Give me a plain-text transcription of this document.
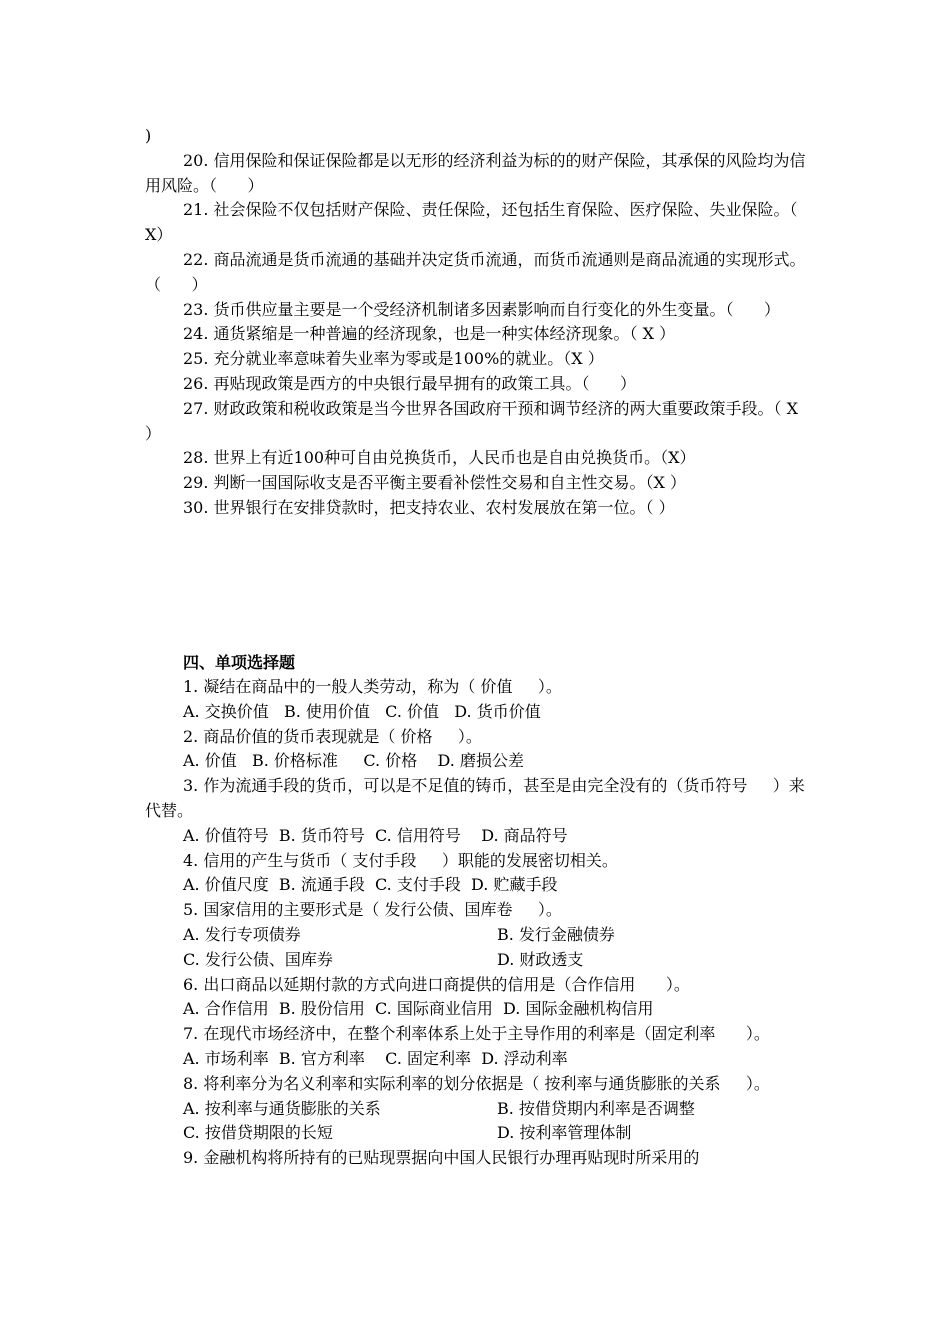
)

20. 信用保险和保证保险都是以无形的经济利益为标的的财产保险，其承保的风险均为信用风险。（      ）

21. 社会保险不仅包括财产保险、责任保险，还包括生育保险、医疗保险、失业保险。（ X）

22. 商品流通是货币流通的基础并决定货币流通，而货币流通则是商品流通的实现形式。（      ）

23. 货币供应量主要是一个受经济机制诸多因素影响而自行变化的外生变量。（      ）

24. 通货紧缩是一种普遍的经济现象，也是一种实体经济现象。（ X ）

25. 充分就业率意味着失业率为零或是100%的就业。（X ）

26. 再贴现政策是西方的中央银行最早拥有的政策工具。（      ）

27. 财政政策和税收政策是当今世界各国政府干预和调节经济的两大重要政策手段。（ X  ）

28. 世界上有近100种可自由兑换货币，人民币也是自由兑换货币。（X）

29. 判断一国国际收支是否平衡主要看补偿性交易和自主性交易。（X ）

30. 世界银行在安排贷款时，把支持农业、农村发展放在第一位。（ ）

四、单项选择题

1. 凝结在商品中的一般人类劳动，称为（ 价值     ）。

A. 交换价值   B. 使用价值   C. 价值   D. 货币价值

2. 商品价值的货币表现就是（ 价格     ）。

A. 价值   B. 价格标准     C. 价格    D. 磨损公差

3. 作为流通手段的货币，可以是不足值的铸币，甚至是由完全没有的（货币符号     ）来代替。

A. 价值符号  B. 货币符号  C. 信用符号    D. 商品符号

4. 信用的产生与货币（ 支付手段     ）职能的发展密切相关。

A. 价值尺度  B. 流通手段  C. 支付手段  D. 贮藏手段

5. 国家信用的主要形式是（ 发行公债、国库卷     ）。

A. 发行专项债券	B. 发行金融债券
C. 发行公债、国库券	D. 财政透支

6. 出口商品以延期付款的方式向进口商提供的信用是（合作信用      ）。

A. 合作信用  B. 股份信用  C. 国际商业信用  D. 国际金融机构信用

7. 在现代市场经济中，在整个利率体系上处于主导作用的利率是（固定利率      ）。

A. 市场利率  B. 官方利率    C. 固定利率  D. 浮动利率

8. 将利率分为名义利率和实际利率的划分依据是（ 按利率与通货膨胀的关系     ）。

A. 按利率与通货膨胀的关系	B. 按借贷期内利率是否调整
C. 按借贷期限的长短	D. 按利率管理体制

9. 金融机构将所持有的已贴现票据向中国人民银行办理再贴现时所采用的
